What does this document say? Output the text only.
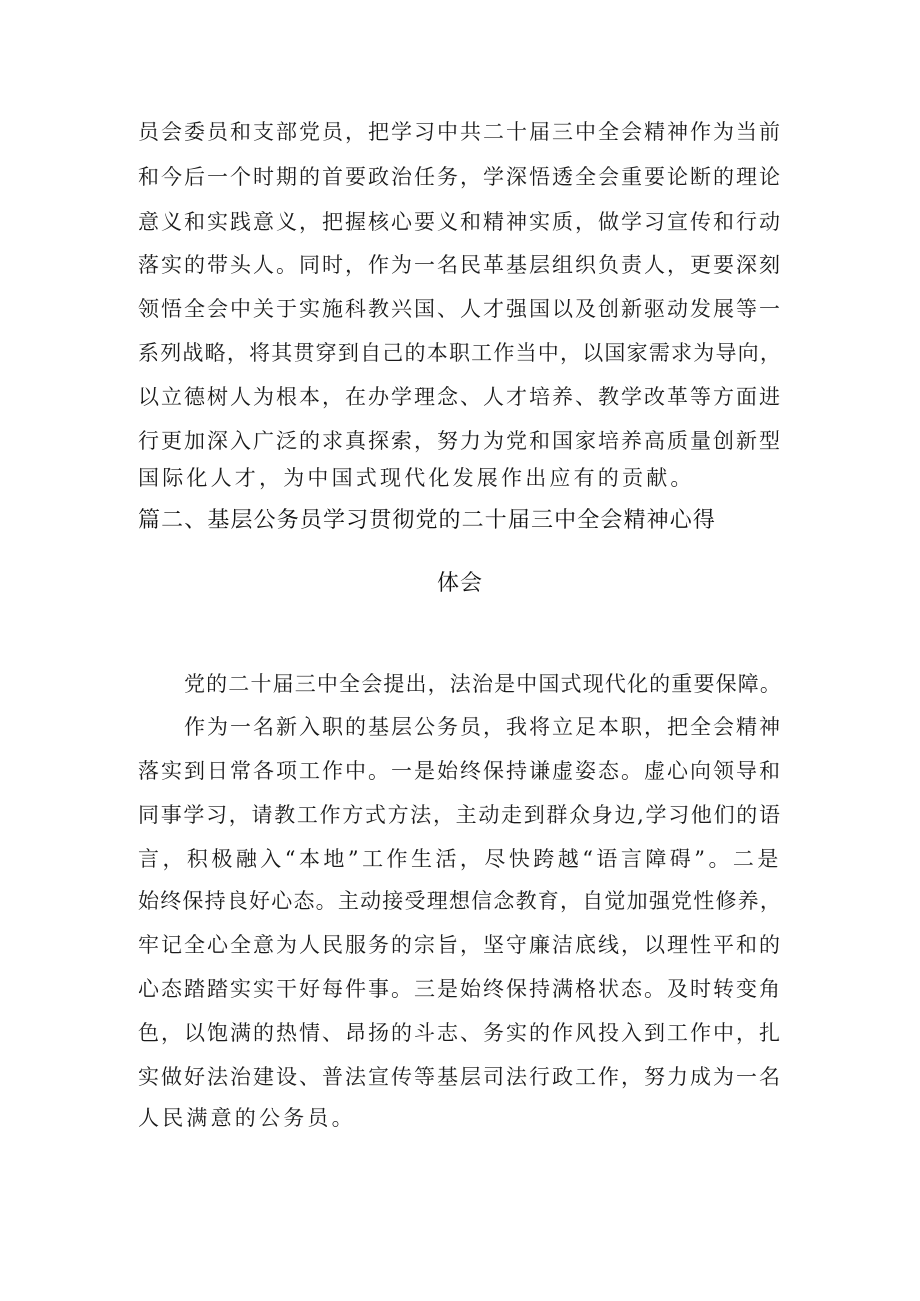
员会委员和支部党员，把学习中共二十届三中全会精神作为当前
和今后一个时期的首要政治任务，学深悟透全会重要论断的理论
意义和实践意义，把握核心要义和精神实质，做学习宣传和行动
落实的带头人。同时，作为一名民革基层组织负责人，更要深刻
领悟全会中关于实施科教兴国、人才强国以及创新驱动发展等一
系列战略，将其贯穿到自己的本职工作当中，以国家需求为导向，
以立德树人为根本，在办学理念、人才培养、教学改革等方面进
行更加深入广泛的求真探索，努力为党和国家培养高质量创新型
国际化人才，为中国式现代化发展作出应有的贡献。
篇二、基层公务员学习贯彻党的二十届三中全会精神心得
体会
党的二十届三中全会提出，法治是中国式现代化的重要保障。
作为一名新入职的基层公务员，我将立足本职，把全会精神
落实到日常各项工作中。一是始终保持谦虚姿态。虚心向领导和
同事学习，请教工作方式方法，主动走到群众身边,学习他们的语
言，积极融入“本地”工作生活，尽快跨越“语言障碍”。二是
始终保持良好心态。主动接受理想信念教育，自觉加强党性修养，
牢记全心全意为人民服务的宗旨，坚守廉洁底线，以理性平和的
心态踏踏实实干好每件事。三是始终保持满格状态。及时转变角
色，以饱满的热情、昂扬的斗志、务实的作风投入到工作中，扎
实做好法治建设、普法宣传等基层司法行政工作，努力成为一名
人民满意的公务员。
